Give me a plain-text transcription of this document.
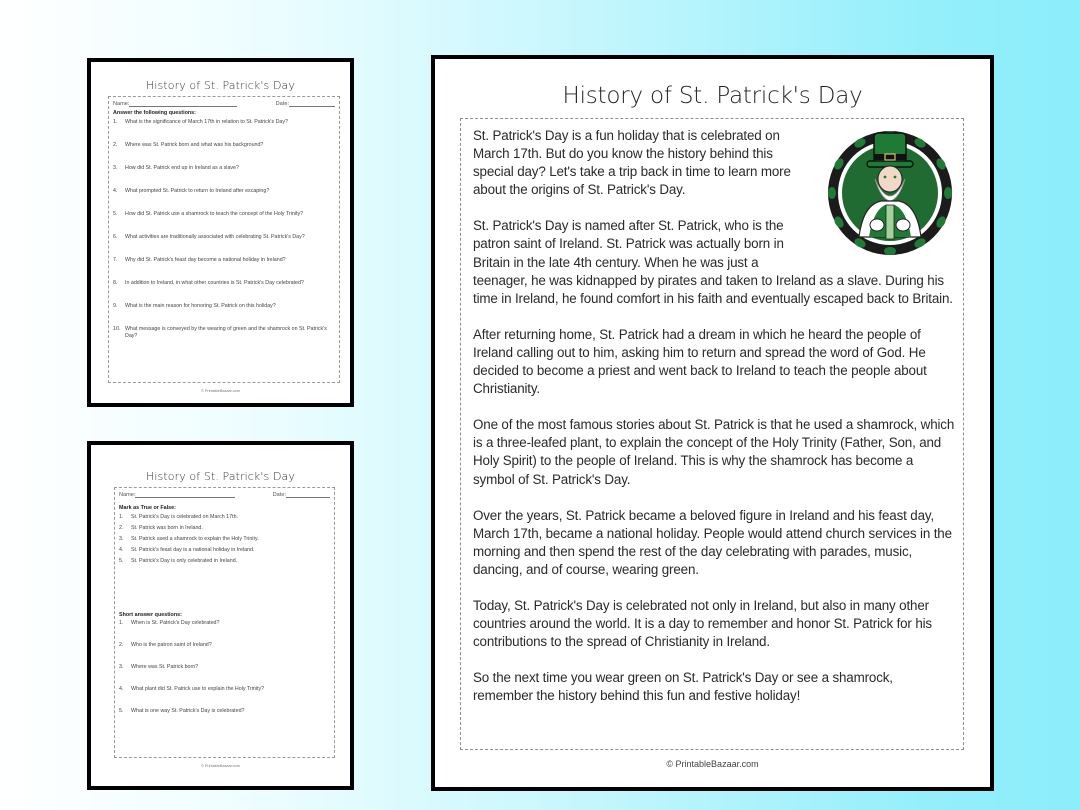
History of St. Patrick's Day
Name:	Date:
Answer the following questions:
1.	What is the significance of March 17th in relation to St. Patrick's Day?
2.	Where was St. Patrick born and what was his background?
3.	How did St. Patrick end up in Ireland as a slave?
4.	What prompted St. Patrick to return to Ireland after escaping?
5.	How did St. Patrick use a shamrock to teach the concept of the Holy Trinity?
6.	What activities are traditionally associated with celebrating St. Patrick's Day?
7.	Why did St. Patrick's feast day become a national holiday in Ireland?
8.	In addition to Ireland, in what other countries is St. Patrick's Day celebrated?
9.	What is the main reason for honoring St. Patrick on this holiday?
10. What message is conveyed by the wearing of green and the shamrock on St. Patrick's Day?
© PrintableBazaar.com
History of St. Patrick's Day
Name:	Date:
Mark as True or False:
1.	St. Patrick's Day is celebrated on March 17th.
2.	St. Patrick was born in Ireland.
3.	St. Patrick used a shamrock to explain the Holy Trinity.
4.	St. Patrick's feast day is a national holiday in Ireland.
5.	St. Patrick's Day is only celebrated in Ireland.
Short answer questions:
1.	When is St. Patrick's Day celebrated?
2.	Who is the patron saint of Ireland?
3.	Where was St. Patrick born?
4.	What plant did St. Patrick use to explain the Holy Trinity?
5.	What is one way St. Patrick's Day is celebrated?
© PrintableBazaar.com
History of St. Patrick's Day

St. Patrick's Day is a fun holiday that is celebrated on March 17th. But do you know the history behind this special day? Let's take a trip back in time to learn more about the origins of St. Patrick's Day.

St. Patrick's Day is named after St. Patrick, who is the patron saint of Ireland. St. Patrick was actually born in Britain in the late 4th century. When he was just a teenager, he was kidnapped by pirates and taken to Ireland as a slave. During his time in Ireland, he found comfort in his faith and eventually escaped back to Britain.

After returning home, St. Patrick had a dream in which he heard the people of Ireland calling out to him, asking him to return and spread the word of God. He decided to become a priest and went back to Ireland to teach the people about Christianity.

One of the most famous stories about St. Patrick is that he used a shamrock, which is a three-leafed plant, to explain the concept of the Holy Trinity (Father, Son, and Holy Spirit) to the people of Ireland. This is why the shamrock has become a symbol of St. Patrick's Day.

Over the years, St. Patrick became a beloved figure in Ireland and his feast day, March 17th, became a national holiday. People would attend church services in the morning and then spend the rest of the day celebrating with parades, music, dancing, and of course, wearing green.

Today, St. Patrick's Day is celebrated not only in Ireland, but also in many other countries around the world. It is a day to remember and honor St. Patrick for his contributions to the spread of Christianity in Ireland.

So the next time you wear green on St. Patrick's Day or see a shamrock, remember the history behind this fun and festive holiday!

© PrintableBazaar.com
